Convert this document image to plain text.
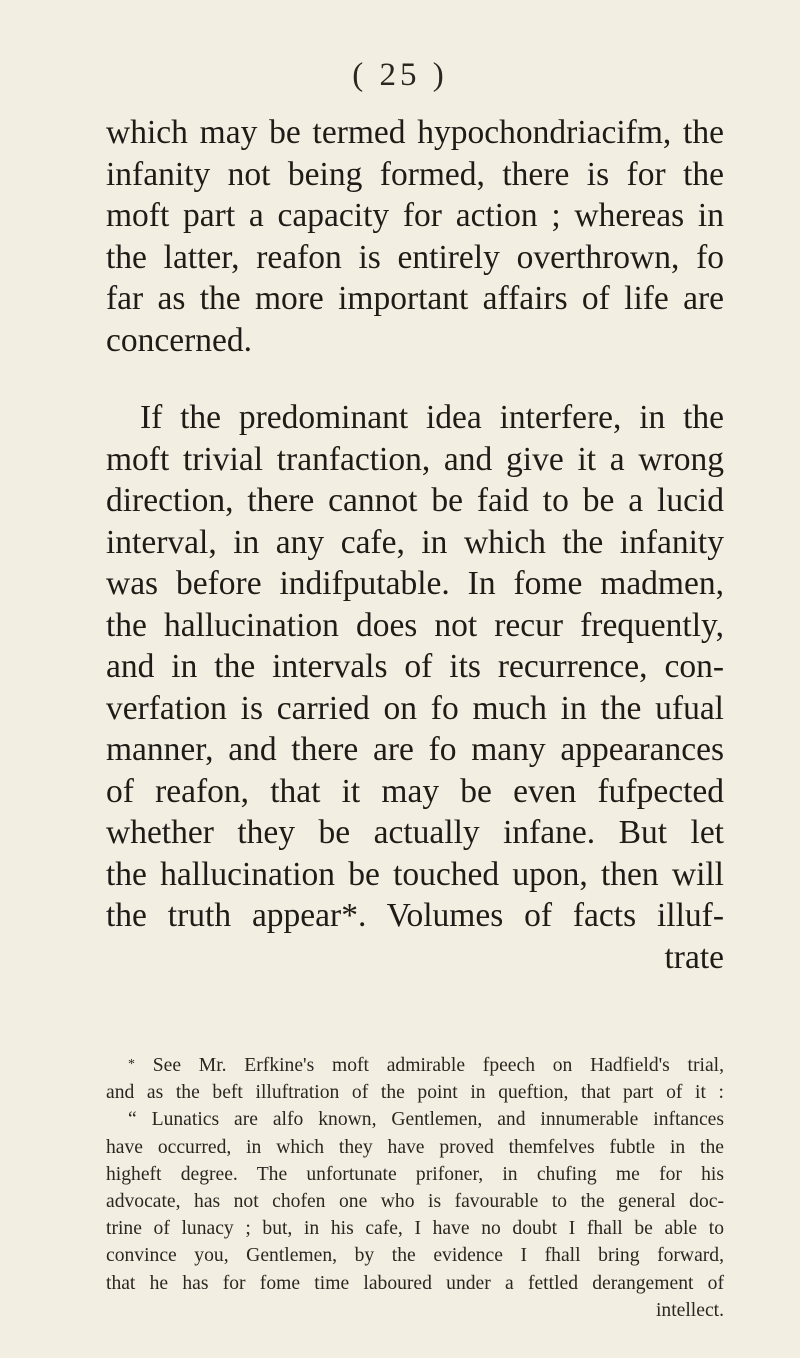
( 25 )

which may be termed hypochondriacifm, the
infanity not being formed, there is for the
moft part a capacity for action ; whereas in
the latter, reafon is entirely overthrown, fo
far as the more important affairs of life are
concerned.

If the predominant idea interfere, in the
moft trivial tranfaction, and give it a wrong
direction, there cannot be faid to be a lucid
interval, in any cafe, in which the infanity
was before indifputable. In fome madmen,
the hallucination does not recur frequently,
and in the intervals of its recurrence, con-
verfation is carried on fo much in the ufual
manner, and there are fo many appearances
of reafon, that it may be even fufpected
whether they be actually infane. But let
the hallucination be touched upon, then will
the truth appear*. Volumes of facts illuf-
trate

* See Mr. Erfkine's moft admirable fpeech on Hadfield's trial,
and as the beft illuftration of the point in queftion, that part of it :
“ Lunatics are alfo known, Gentlemen, and innumerable inftances
have occurred, in which they have proved themfelves fubtle in the
higheft degree. The unfortunate prifoner, in chufing me for his
advocate, has not chofen one who is favourable to the general doc-
trine of lunacy ; but, in his cafe, I have no doubt I fhall be able to
convince you, Gentlemen, by the evidence I fhall bring forward,
that he has for fome time laboured under a fettled derangement of
intellect.
